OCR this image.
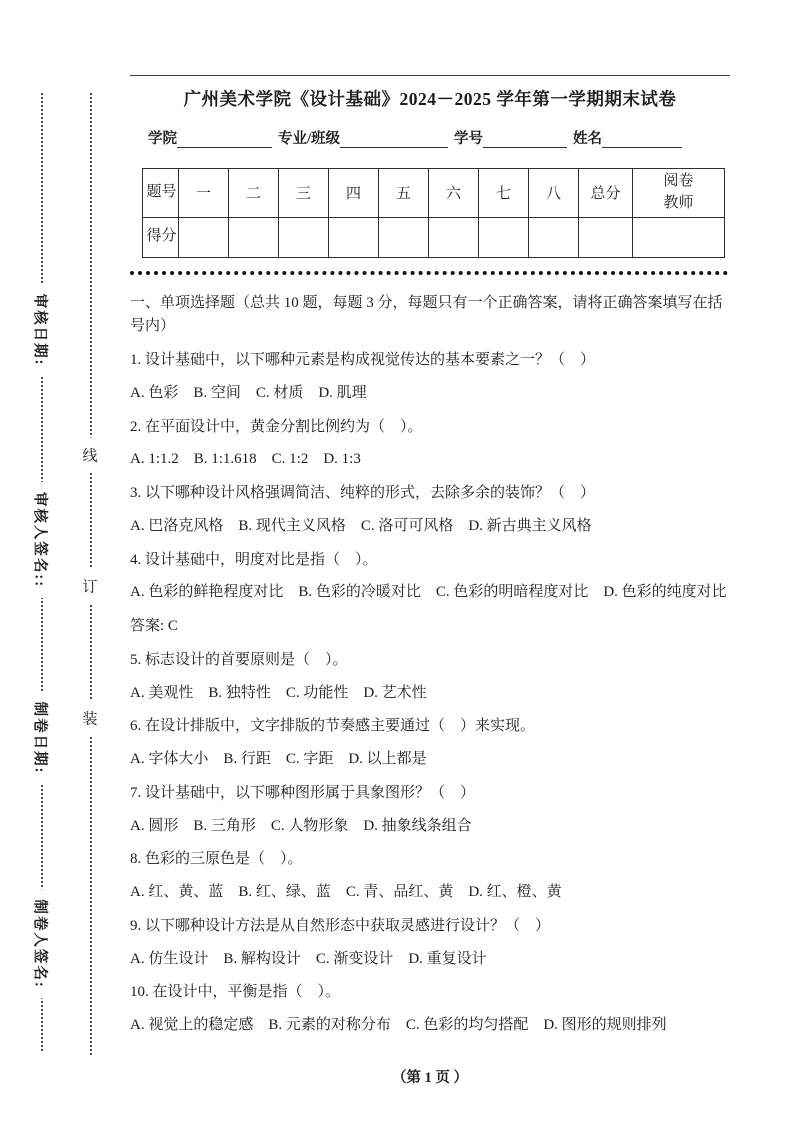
审核日期:
审核人签名::
制卷日期:
制卷人签名:
线
订
装
广州美术学院《设计基础》2024－2025 学年第一学期期末试卷
学院	专业/班级	学号	姓名
题号	一	二	三	四	五	六	七	八	总分	阅卷教师
得分										

一、单项选择题（总共 10 题，每题 3 分，每题只有一个正确答案，请将正确答案填写在括号内）

1. 设计基础中，以下哪种元素是构成视觉传达的基本要素之一？（　）

A. 色彩　B. 空间　C. 材质　D. 肌理

2. 在平面设计中，黄金分割比例约为（　）。

A. 1:1.2　B. 1:1.618　C. 1:2　D. 1:3

3. 以下哪种设计风格强调简洁、纯粹的形式，去除多余的装饰？（　）

A. 巴洛克风格　B. 现代主义风格　C. 洛可可风格　D. 新古典主义风格

4. 设计基础中，明度对比是指（　）。

A. 色彩的鲜艳程度对比　B. 色彩的冷暖对比　C. 色彩的明暗程度对比　D. 色彩的纯度对比

答案: C

5. 标志设计的首要原则是（　）。

A. 美观性　B. 独特性　C. 功能性　D. 艺术性

6. 在设计排版中，文字排版的节奏感主要通过（　）来实现。

A. 字体大小　B. 行距　C. 字距　D. 以上都是

7. 设计基础中，以下哪种图形属于具象图形？（　）

A. 圆形　B. 三角形　C. 人物形象　D. 抽象线条组合

8. 色彩的三原色是（　）。

A. 红、黄、蓝　B. 红、绿、蓝　C. 青、品红、黄　D. 红、橙、黄

9. 以下哪种设计方法是从自然形态中获取灵感进行设计？（　）

A. 仿生设计　B. 解构设计　C. 渐变设计　D. 重复设计

10. 在设计中，平衡是指（　）。

A. 视觉上的稳定感　B. 元素的对称分布　C. 色彩的均匀搭配　D. 图形的规则排列

（第 1 页 ）
